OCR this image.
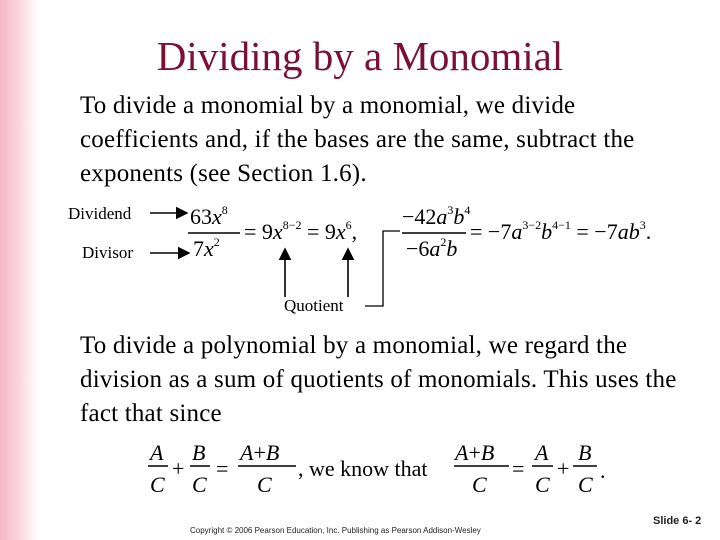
Dividing by a Monomial
To divide a monomial by a monomial, we divide coefficients and, if the bases are the same, subtract the exponents (see Section 1.6).
Dividend
Divisor
Quotient
$63x^8$
$7x^2 = 9x^{8-2} = 9x^6$,
$-42a^3b^4$
$-6a^2b$
= $-7a^{3-2}b^{4-1} = -7ab^3$.
To divide a polynomial by a monomial, we regard the division as a sum of quotients of monomials. This uses the fact that since
A
C
+
B
C
=
A+B
C
, we know that
A+B
C
=
A
C
+
B
C
.
Copyright © 2006 Pearson Education, Inc. Publishing as Pearson Addison-Wesley
Slide 6- 2
